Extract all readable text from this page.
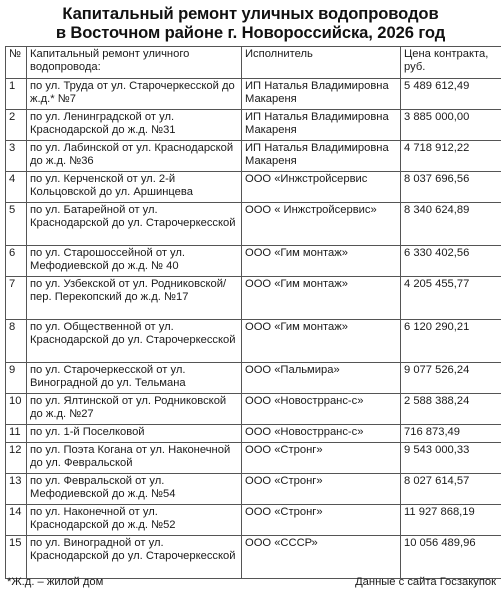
Капитальный ремонт уличных водопроводов
в Восточном районе г. Новороссийска, 2026 год
№	Капитальный ремонт уличного водопровода:	Исполнитель	Цена контракта, руб.
1	по ул. Труда от ул. Старочеркесской до ж.д.* №7	ИП Наталья Владимировна Макареня	5 489 612,49
2	по ул. Ленинградской от ул. Краснодарской до ж.д. №31	ИП Наталья Владимировна Макареня	3 885 000,00
3	по ул. Лабинской от ул. Краснодарской до ж.д. №36	ИП Наталья Владимировна Макареня	4 718 912,22
4	по ул. Керченской от ул. 2-й Кольцовской до ул. Аршинцева	ООО «Инжстройсервис	8 037 696,56
5	по ул. Батарейной от ул. Краснодарской до ул. Старочеркесской	ООО « Инжстройсервис»	8 340 624,89
6	по ул. Старошоссейной от ул. Мефодиевской до ж.д. № 40	ООО «Гим монтаж»	6 330 402,56
7	по ул. Узбекской от ул. Родниковской/пер. Перекопский до ж.д. №17	ООО «Гим монтаж»	4 205 455,77
8	по ул. Общественной от ул. Краснодарской до ул. Старочеркесской	ООО «Гим монтаж»	6 120 290,21
9	по ул. Старочеркесской от ул. Виноградной до ул. Тельмана	ООО «Пальмира»	9 077 526,24
10	по ул. Ялтинской от ул. Родниковской до ж.д. №27	ООО «Новострранс-с»	2 588 388,24
11	по ул. 1-й Поселковой	ООО «Новострранс-с»	716 873,49
12	по ул. Поэта Когана от ул. Наконечной до ул. Февральской	ООО «Стронг»	9 543 000,33
13	по ул. Февральской от ул. Мефодиевской до ж.д. №54	ООО «Стронг»	8 027 614,57
14	по ул. Наконечной от ул. Краснодарской до ж.д. №52	ООО «Стронг»	11 927 868,19
15	по ул. Виноградной от ул. Краснодарской до ул. Старочеркесской	ООО «СССР»	10 056 489,96
*Ж.д. – жилой дом	Данные с сайта Госзакупок
